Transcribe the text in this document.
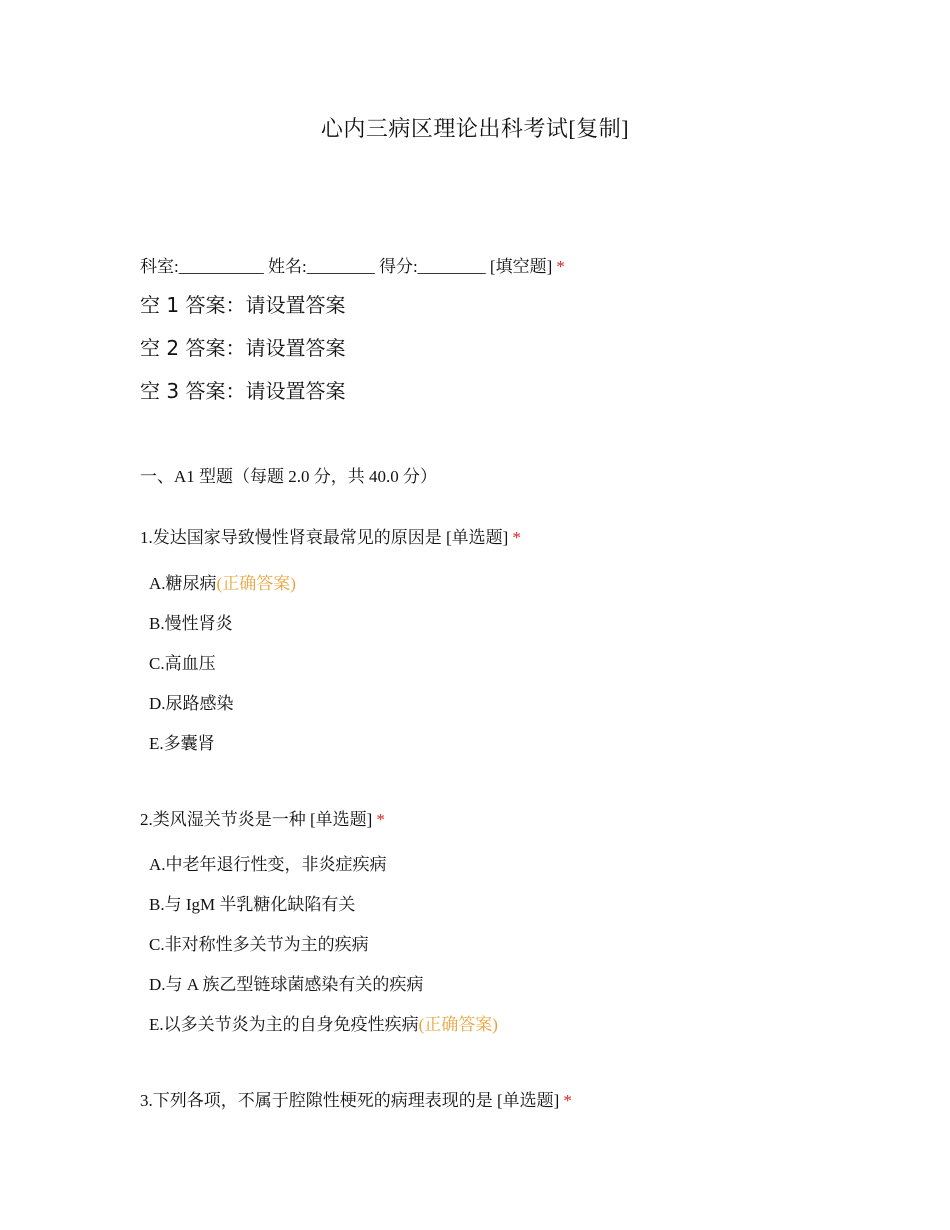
心内三病区理论出科考试[复制]
科室:__________ 姓名:________ 得分:________ [填空题] *
空 1 答案：请设置答案
空 2 答案：请设置答案
空 3 答案：请设置答案
一、A1 型题（每题 2.0 分，共 40.0 分）
1.发达国家导致慢性肾衰最常见的原因是 [单选题] *
A.糖尿病(正确答案)
B.慢性肾炎
C.高血压
D.尿路感染
E.多囊肾
2.类风湿关节炎是一种 [单选题] *
A.中老年退行性变，非炎症疾病
B.与 IgM 半乳糖化缺陷有关
C.非对称性多关节为主的疾病
D.与 A 族乙型链球菌感染有关的疾病
E.以多关节炎为主的自身免疫性疾病(正确答案)
3.下列各项，不属于腔隙性梗死的病理表现的是 [单选题] *
